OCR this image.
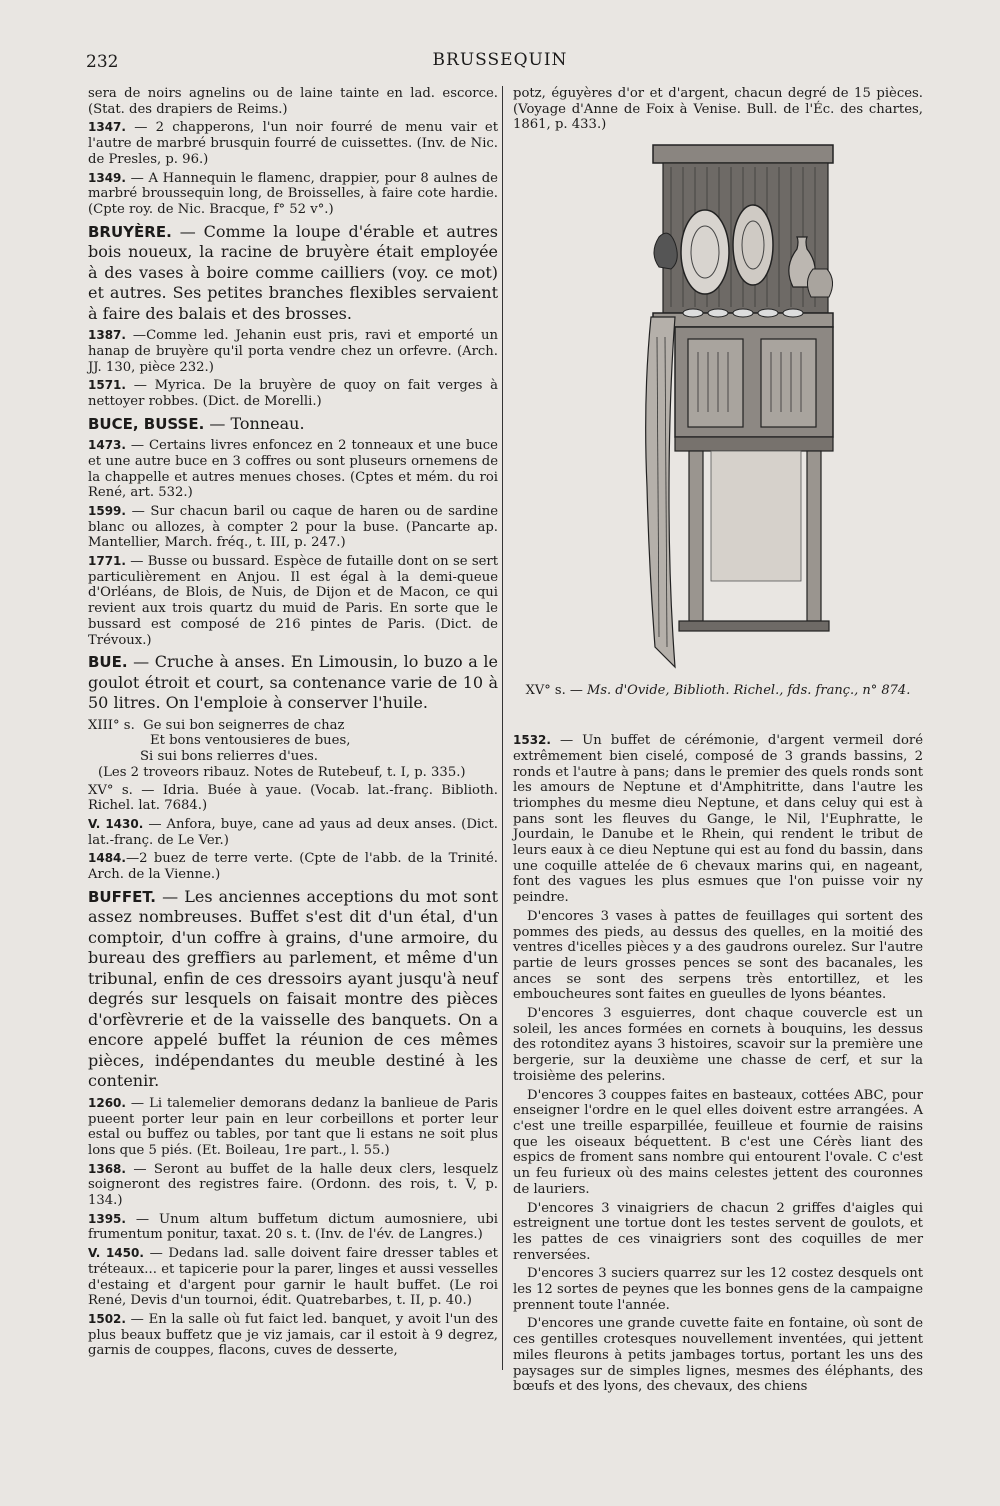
232	BRUSSEQUIN

sera de noirs agnelins ou de laine tainte en lad. escorce. (Stat. des drapiers de Reims.)

1347. — 2 chapperons, l'un noir fourré de menu vair et l'autre de marbré brusquin fourré de cuissettes. (Inv. de Nic. de Presles, p. 96.)

1349. — A Hannequin le flamenc, drappier, pour 8 aulnes de marbré broussequin long, de Broisselles, à faire cote hardie. (Cpte roy. de Nic. Bracque, f° 52 v°.)

BRUYÈRE. — Comme la loupe d'érable et autres bois noueux, la racine de bruyère était employée à des vases à boire comme cailliers (voy. ce mot) et autres. Ses petites branches flexibles servaient à faire des balais et des brosses.

1387. —Comme led. Jehanin eust pris, ravi et emporté un hanap de bruyère qu'il porta vendre chez un orfevre. (Arch. JJ. 130, pièce 232.)

1571. — Myrica. De la bruyère de quoy on fait verges à nettoyer robbes. (Dict. de Morelli.)

BUCE, BUSSE. — Tonneau.

1473. — Certains livres enfoncez en 2 tonneaux et une buce et une autre buce en 3 coffres ou sont pluseurs ornemens de la chappelle et autres menues choses. (Cptes et mém. du roi René, art. 532.)

1599. — Sur chacun baril ou caque de haren ou de sardine blanc ou allozes, à compter 2 pour la buse. (Pancarte ap. Mantellier, March. fréq., t. III, p. 247.)

1771. — Busse ou bussard. Espèce de futaille dont on se sert particulièrement en Anjou. Il est égal à la demi-queue d'Orléans, de Blois, de Nuis, de Dijon et de Macon, ce qui revient aux trois quartz du muid de Paris. En sorte que le bussard est composé de 216 pintes de Paris. (Dict. de Trévoux.)

BUE. — Cruche à anses. En Limousin, lo buzo a le goulot étroit et court, sa contenance varie de 10 à 50 litres. On l'emploie à conserver l'huile.

XIII° s. Ge sui bon seignerres de chaz
Et bons ventousieres de bues,
Si sui bons relierres d'ues.
(Les 2 troveors ribauz. Notes de Rutebeuf, t. I, p. 335.)

XV° s. — Idria. Buée à yaue. (Vocab. lat.-franç. Biblioth. Richel. lat. 7684.)

V. 1430. — Anfora, buye, cane ad yaus ad deux anses. (Dict. lat.-franç. de Le Ver.)

1484.—2 buez de terre verte. (Cpte de l'abb. de la Trinité. Arch. de la Vienne.)

BUFFET. — Les anciennes acceptions du mot sont assez nombreuses. Buffet s'est dit d'un étal, d'un comptoir, d'un coffre à grains, d'une armoire, du bureau des greffiers au parlement, et même d'un tribunal, enfin de ces dressoirs ayant jusqu'à neuf degrés sur lesquels on faisait montre des pièces d'orfèvrerie et de la vaisselle des banquets. On a encore appelé buffet la réunion de ces mêmes pièces, indépendantes du meuble destiné à les contenir.

1260. — Li talemelier demorans dedanz la banlieue de Paris pueent porter leur pain en leur corbeillons et porter leur estal ou buffez ou tables, por tant que li estans ne soit plus lons que 5 piés. (Et. Boileau, 1re part., l. 55.)

1368. — Seront au buffet de la halle deux clers, lesquelz soigneront des registres faire. (Ordonn. des rois, t. V, p. 134.)

1395. — Unum altum buffetum dictum aumosniere, ubi frumentum ponitur, taxat. 20 s. t. (Inv. de l'év. de Langres.)

V. 1450. — Dedans lad. salle doivent faire dresser tables et tréteaux... et tapicerie pour la parer, linges et aussi vesselles d'estaing et d'argent pour garnir le hault buffet. (Le roi René, Devis d'un tournoi, édit. Quatrebarbes, t. II, p. 40.)

1502. — En la salle où fut faict led. banquet, y avoit l'un des plus beaux buffetz que je viz jamais, car il estoit à 9 degrez, garnis de couppes, flacons, cuves de desserte,

potz, éguyères d'or et d'argent, chacun degré de 15 pièces. (Voyage d'Anne de Foix à Venise. Bull. de l'Éc. des chartes, 1861, p. 433.)

XV° s. — Ms. d'Ovide, Biblioth. Richel., fds. franç., n° 874.

1532. — Un buffet de cérémonie, d'argent vermeil doré extrêmement bien ciselé, composé de 3 grands bassins, 2 ronds et l'autre à pans; dans le premier des quels ronds sont les amours de Neptune et d'Amphitritte, dans l'autre les triomphes du mesme dieu Neptune, et dans celuy qui est à pans sont les fleuves du Gange, le Nil, l'Euphratte, le Jourdain, le Danube et le Rhein, qui rendent le tribut de leurs eaux à ce dieu Neptune qui est au fond du bassin, dans une coquille attelée de 6 chevaux marins qui, en nageant, font des vagues les plus esmues que l'on puisse voir ny peindre.

D'encores 3 vases à pattes de feuillages qui sortent des pommes des pieds, au dessus des quelles, en la moitié des ventres d'icelles pièces y a des gaudrons ourelez. Sur l'autre partie de leurs grosses pences se sont des bacanales, les ances se sont des serpens très entortillez, et les emboucheures sont faites en gueulles de lyons béantes.

D'encores 3 esguierres, dont chaque couvercle est un soleil, les ances formées en cornets à bouquins, les dessus des rotonditez ayans 3 histoires, scavoir sur la première une bergerie, sur la deuxième une chasse de cerf, et sur la troisième des pelerins.

D'encores 3 couppes faites en basteaux, cottées ABC, pour enseigner l'ordre en le quel elles doivent estre arrangées. A c'est une treille esparpillée, feuilleue et fournie de raisins que les oiseaux béquettent. B c'est une Cérès liant des espics de froment sans nombre qui entourent l'ovale. C c'est un feu furieux où des mains celestes jettent des couronnes de lauriers.

D'encores 3 vinaigriers de chacun 2 griffes d'aigles qui estreignent une tortue dont les testes servent de goulots, et les pattes de ces vinaigriers sont des coquilles de mer renversées.

D'encores 3 suciers quarrez sur les 12 costez desquels ont les 12 sortes de peynes que les bonnes gens de la campaigne prennent toute l'année.

D'encores une grande cuvette faite en fontaine, où sont de ces gentilles crotesques nouvellement inventées, qui jettent miles fleurons à petits jambages tortus, portant les uns des paysages sur de simples lignes, mesmes des éléphants, des bœufs et des lyons, des chevaux, des chiens
